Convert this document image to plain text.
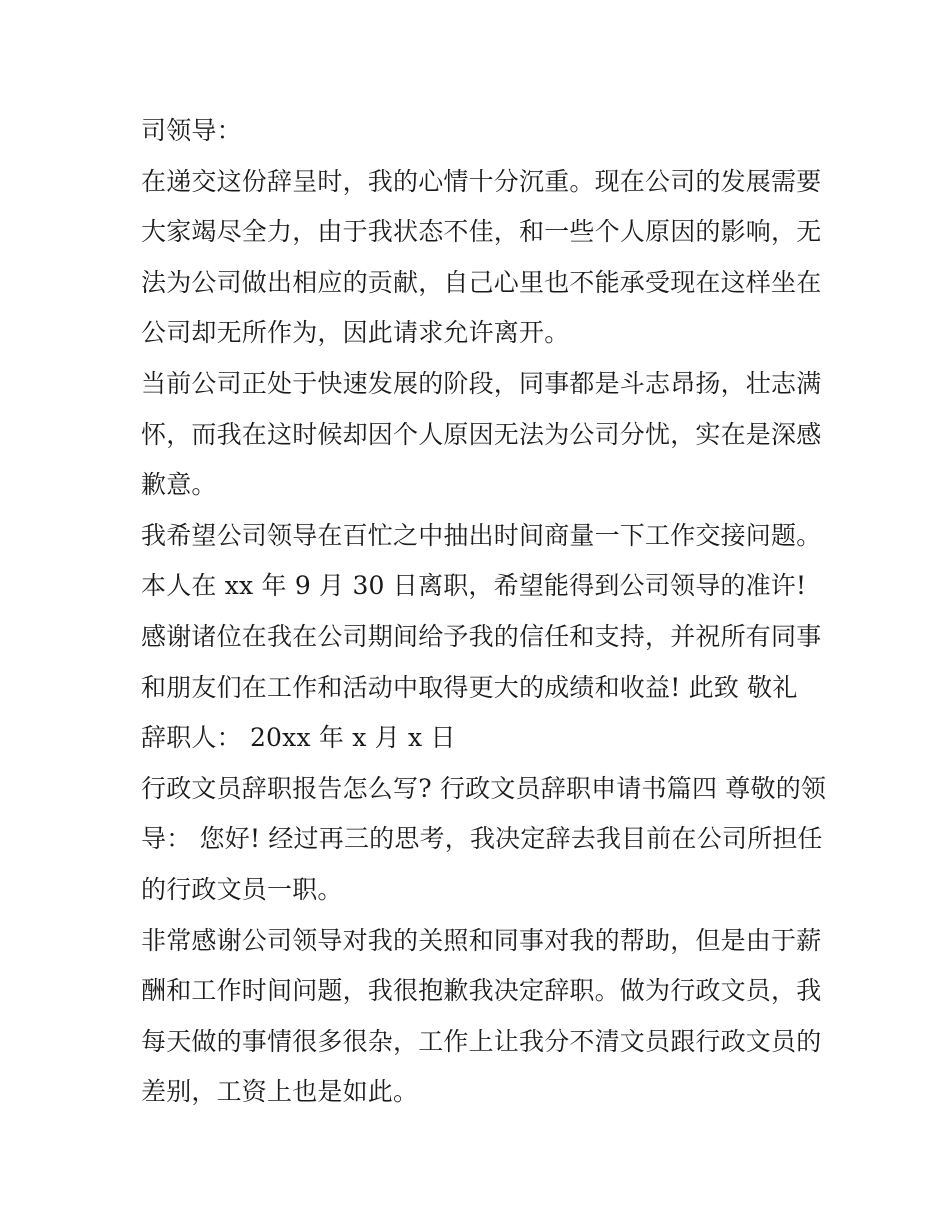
司领导：
在递交这份辞呈时，我的心情十分沉重。现在公司的发展需要
大家竭尽全力，由于我状态不佳，和一些个人原因的影响，无
法为公司做出相应的贡献，自己心里也不能承受现在这样坐在
公司却无所作为，因此请求允许离开。
当前公司正处于快速发展的阶段，同事都是斗志昂扬，壮志满
怀，而我在这时候却因个人原因无法为公司分忧，实在是深感
歉意。
我希望公司领导在百忙之中抽出时间商量一下工作交接问题。
本人在 xx 年 9 月 30 日离职，希望能得到公司领导的准许!
感谢诸位在我在公司期间给予我的信任和支持，并祝所有同事
和朋友们在工作和活动中取得更大的成绩和收益! 此致 敬礼
辞职人： 20xx 年 x 月 x 日
行政文员辞职报告怎么写? 行政文员辞职申请书篇四 尊敬的领
导： 您好! 经过再三的思考，我决定辞去我目前在公司所担任
的行政文员一职。
非常感谢公司领导对我的关照和同事对我的帮助，但是由于薪
酬和工作时间问题，我很抱歉我决定辞职。做为行政文员，我
每天做的事情很多很杂，工作上让我分不清文员跟行政文员的
差别，工资上也是如此。
